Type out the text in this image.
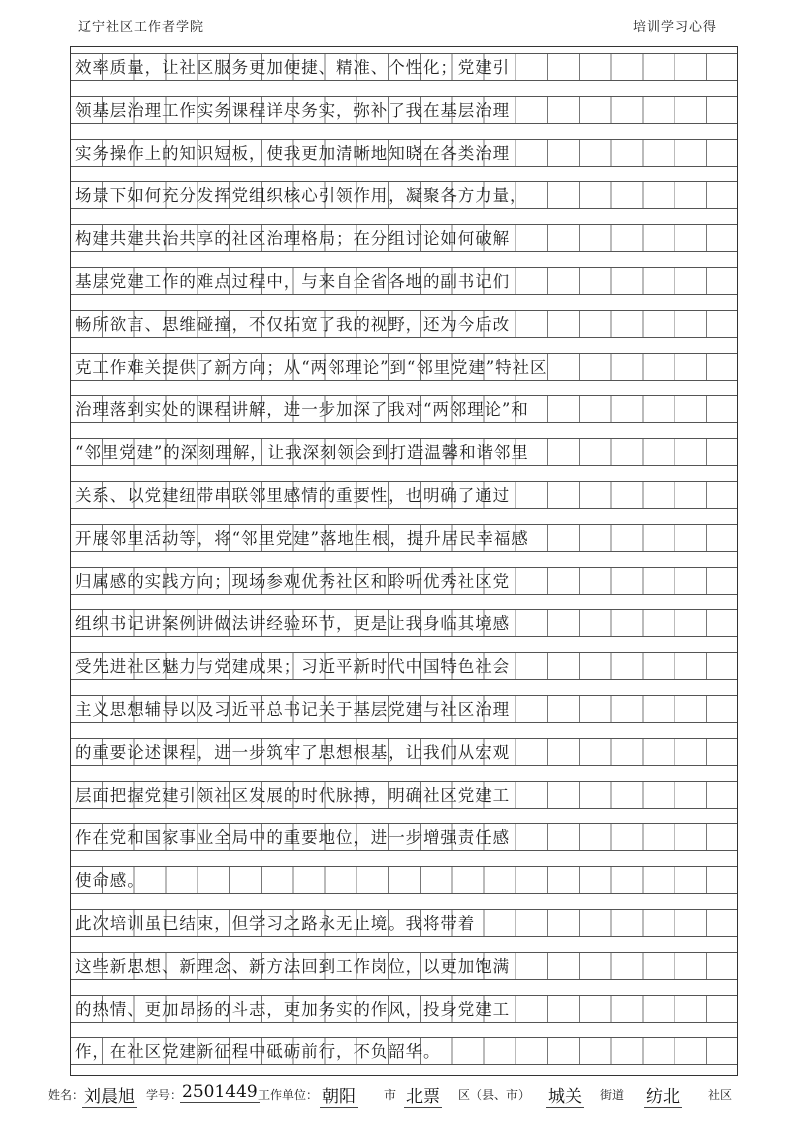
辽宁社区工作者学院	培训学习心得
效率质量，让社区服务更加便捷、精准、个性化；党建引
领基层治理工作实务课程详尽务实，弥补了我在基层治理
实务操作上的知识短板，使我更加清晰地知晓在各类治理
场景下如何充分发挥党组织核心引领作用，凝聚各方力量，
构建共建共治共享的社区治理格局；在分组讨论如何破解
基层党建工作的难点过程中，与来自全省各地的副书记们
畅所欲言、思维碰撞，不仅拓宽了我的视野，还为今后改
克工作难关提供了新方向；从“两邻理论”到“邻里党建”特社区
治理落到实处的课程讲解，进一步加深了我对“两邻理论”和
“邻里党建”的深刻理解，让我深刻领会到打造温馨和谐邻里
关系、以党建纽带串联邻里感情的重要性，也明确了通过
开展邻里活动等，将“邻里党建”落地生根，提升居民幸福感
归属感的实践方向；现场参观优秀社区和聆听优秀社区党
组织书记讲案例讲做法讲经验环节，更是让我身临其境感
受先进社区魅力与党建成果；习近平新时代中国特色社会
主义思想辅导以及习近平总书记关于基层党建与社区治理
的重要论述课程，进一步筑牢了思想根基，让我们从宏观
层面把握党建引领社区发展的时代脉搏，明确社区党建工
作在党和国家事业全局中的重要地位，进一步增强责任感
使命感。
此次培训虽已结束，但学习之路永无止境。我将带着
这些新思想、新理念、新方法回到工作岗位，以更加饱满
的热情、更加昂扬的斗志，更加务实的作风，投身党建工
作，在社区党建新征程中砥砺前行，不负韶华。
姓名： 刘晨旭 学号： 2501449 工作单位： 朝阳 市 北票 区（县、市） 城关 街道 纺北 社区
